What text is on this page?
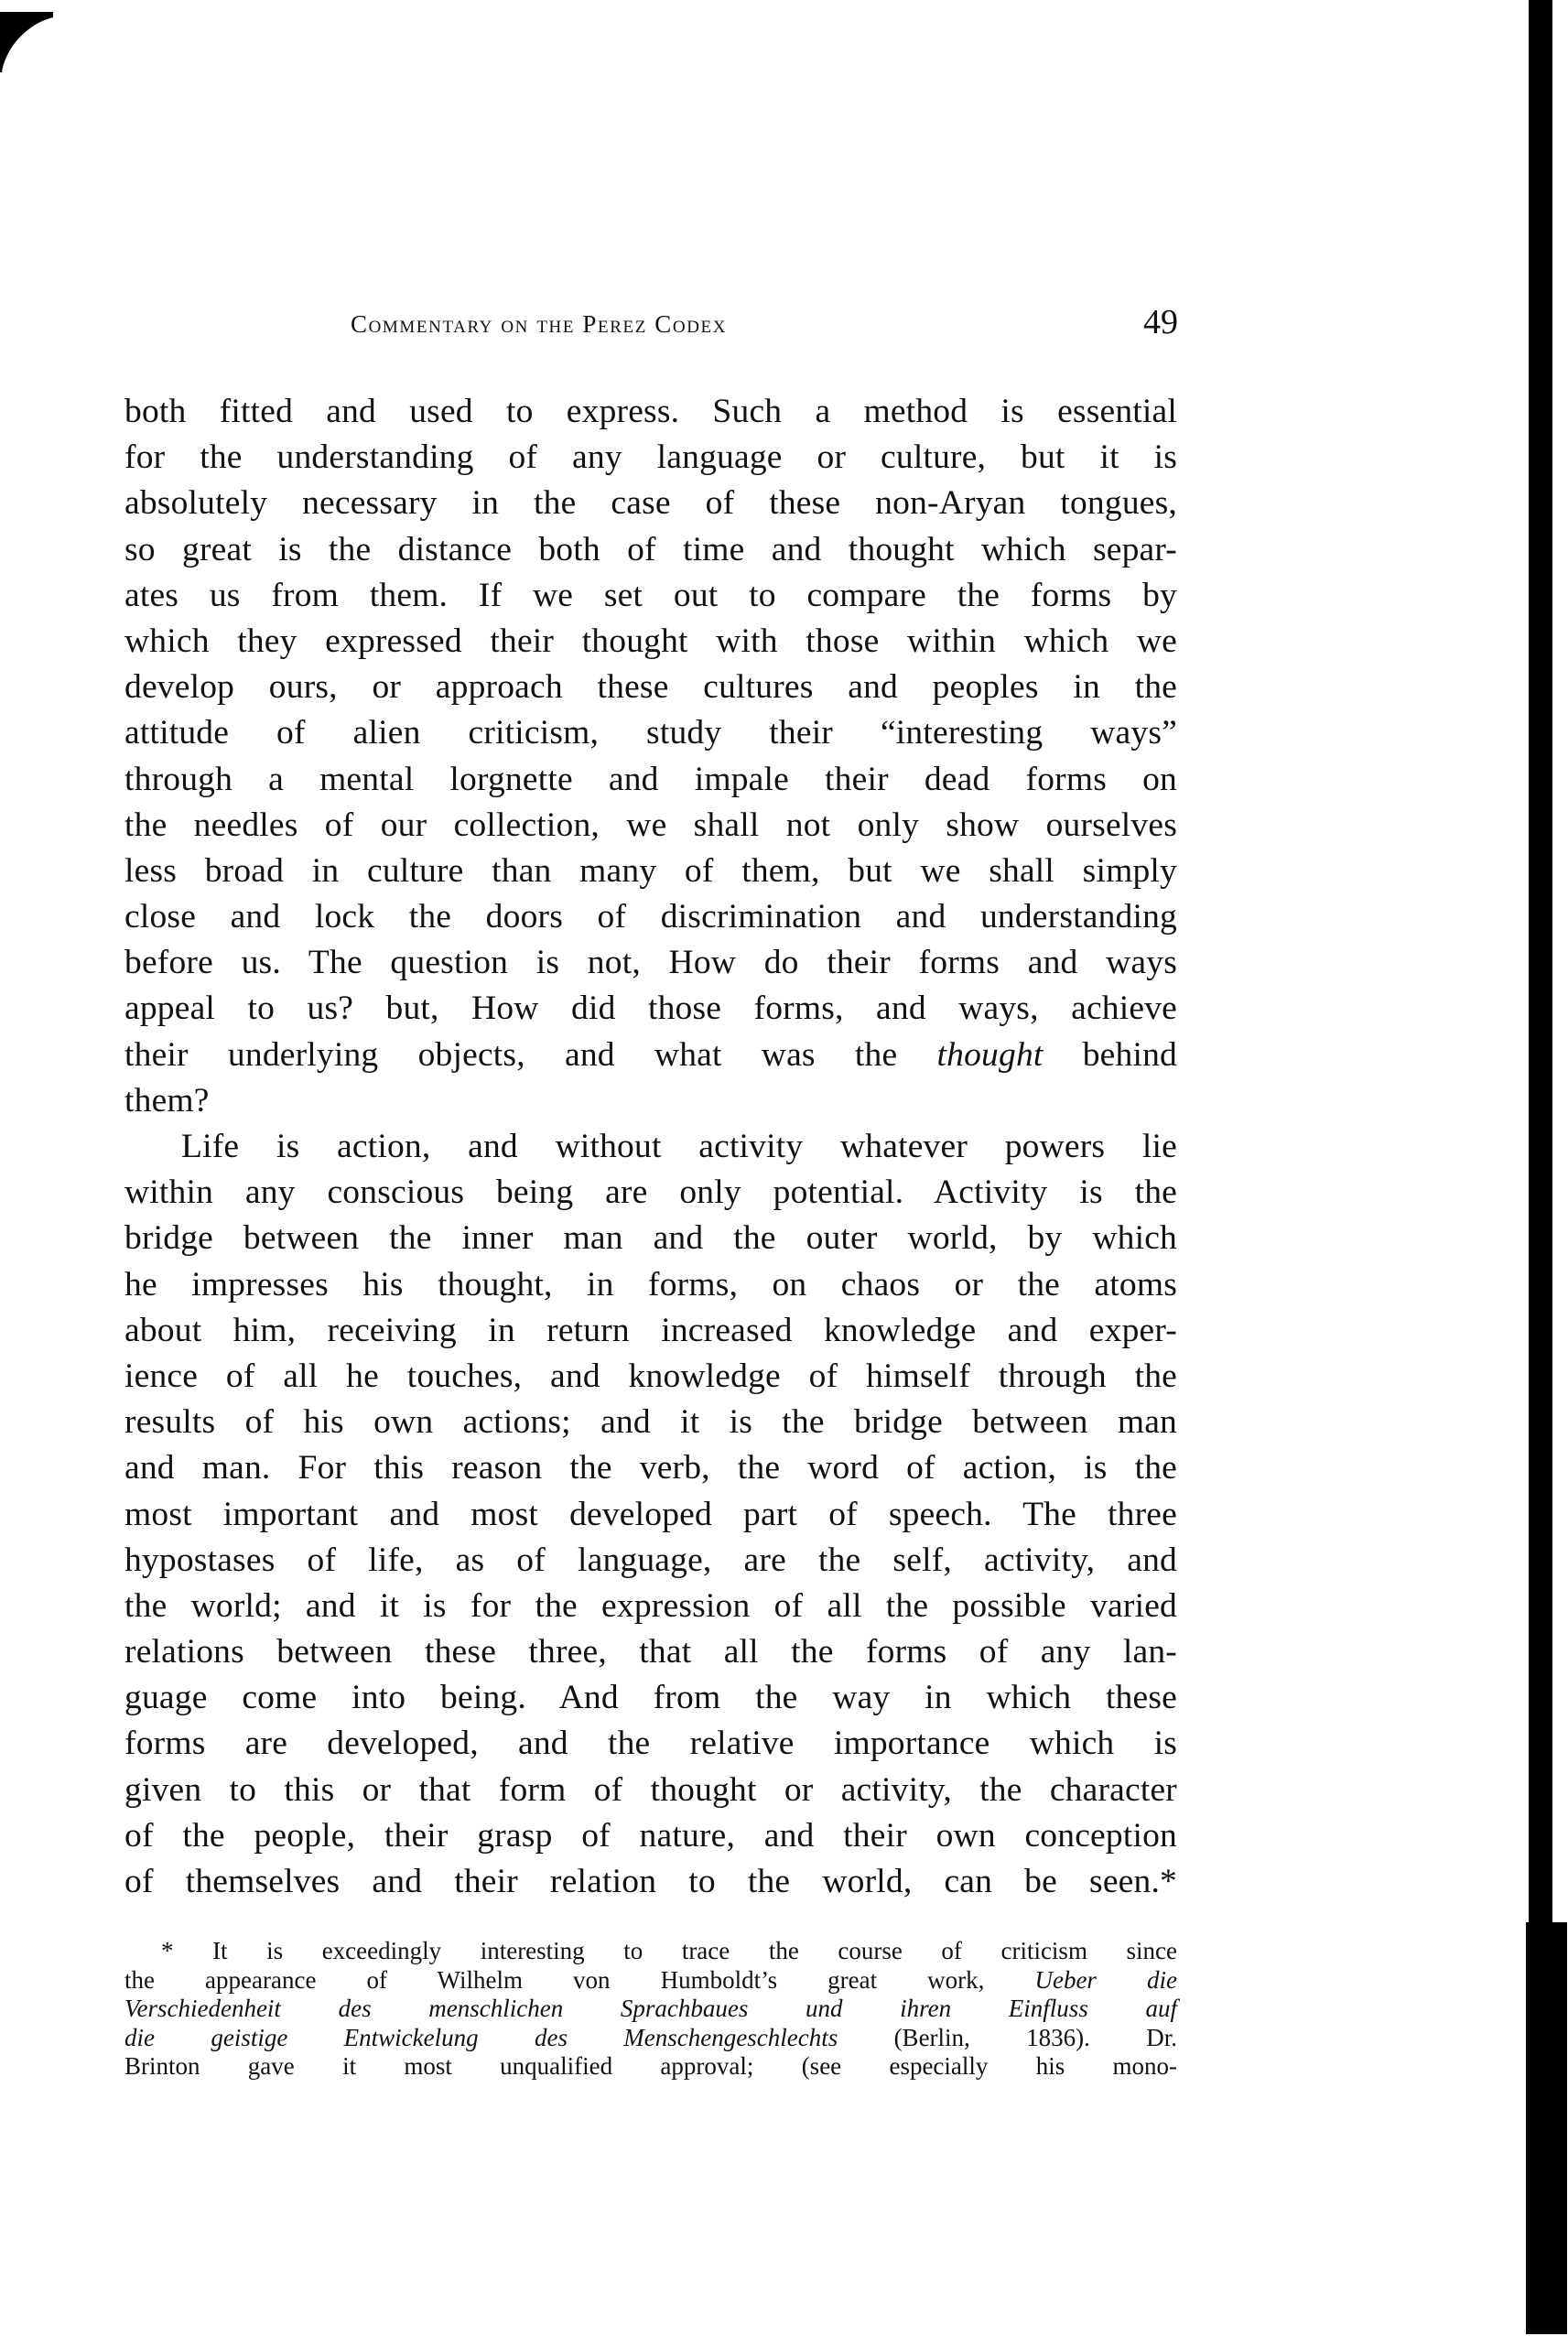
Commentary on the Perez Codex	49
both fitted and used to express. Such a method is essential
for the understanding of any language or culture, but it is
absolutely necessary in the case of these non-Aryan tongues,
so great is the distance both of time and thought which separ-
ates us from them. If we set out to compare the forms by
which they expressed their thought with those within which we
develop ours, or approach these cultures and peoples in the
attitude of alien criticism, study their “interesting ways”
through a mental lorgnette and impale their dead forms on
the needles of our collection, we shall not only show ourselves
less broad in culture than many of them, but we shall simply
close and lock the doors of discrimination and understanding
before us. The question is not, How do their forms and ways
appeal to us? but, How did those forms, and ways, achieve
their underlying objects, and what was the thought behind
them?
Life is action, and without activity whatever powers lie
within any conscious being are only potential. Activity is the
bridge between the inner man and the outer world, by which
he impresses his thought, in forms, on chaos or the atoms
about him, receiving in return increased knowledge and exper-
ience of all he touches, and knowledge of himself through the
results of his own actions; and it is the bridge between man
and man. For this reason the verb, the word of action, is the
most important and most developed part of speech. The three
hypostases of life, as of language, are the self, activity, and
the world; and it is for the expression of all the possible varied
relations between these three, that all the forms of any lan-
guage come into being. And from the way in which these
forms are developed, and the relative importance which is
given to this or that form of thought or activity, the character
of the people, their grasp of nature, and their own conception
of themselves and their relation to the world, can be seen.*
* It is exceedingly interesting to trace the course of criticism since
the appearance of Wilhelm von Humboldt’s great work, Ueber die
Verschiedenheit des menschlichen Sprachbaues und ihren Einfluss auf
die geistige Entwickelung des Menschengeschlechts (Berlin, 1836). Dr.
Brinton gave it most unqualified approval; (see especially his mono-
